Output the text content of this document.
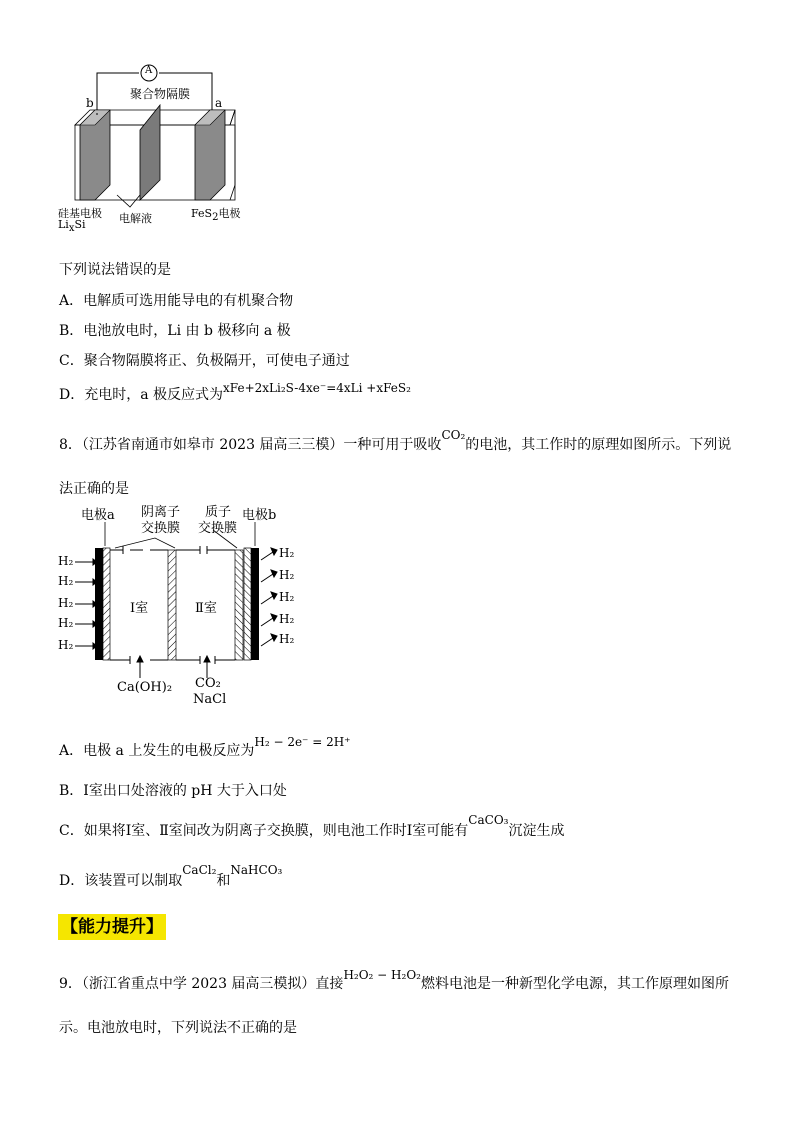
A
聚合物隔膜
b	a
硅基电极
LixSi	电解液	FeS2电极
下列说法错误的是
A．电解质可选用能导电的有机聚合物
B．电池放电时，Li 由 b 极移向 a 极
C．聚合物隔膜将正、负极隔开，可使电子通过
D．充电时，a 极反应式为xFe+2xLi₂S-4xe⁻=4xLi +xFeS₂
8．（江苏省南通市如皋市 2023 届高三三模）一种可用于吸收CO₂的电池，其工作时的原理如图所示。下列说
法正确的是
电极a 阴离子
交换膜
质子
交换膜
电极b
H₂
H₂
H₂
H₂
H₂
H₂
H₂
H₂
H₂
H₂
Ⅰ室	Ⅱ室
Ca(OH)₂ CO₂
NaCl
A．电极 a 上发生的电极反应为H₂ − 2e⁻ = 2H⁺
B．Ⅰ室出口处溶液的 pH 大于入口处
C．如果将Ⅰ室、Ⅱ室间改为阴离子交换膜，则电池工作时Ⅰ室可能有CaCO₃沉淀生成
D．该装置可以制取CaCl₂和NaHCO₃
【能力提升】
9．（浙江省重点中学 2023 届高三模拟）直接H₂O₂ − H₂O₂燃料电池是一种新型化学电源，其工作原理如图所
示。电池放电时，下列说法不正确的是
